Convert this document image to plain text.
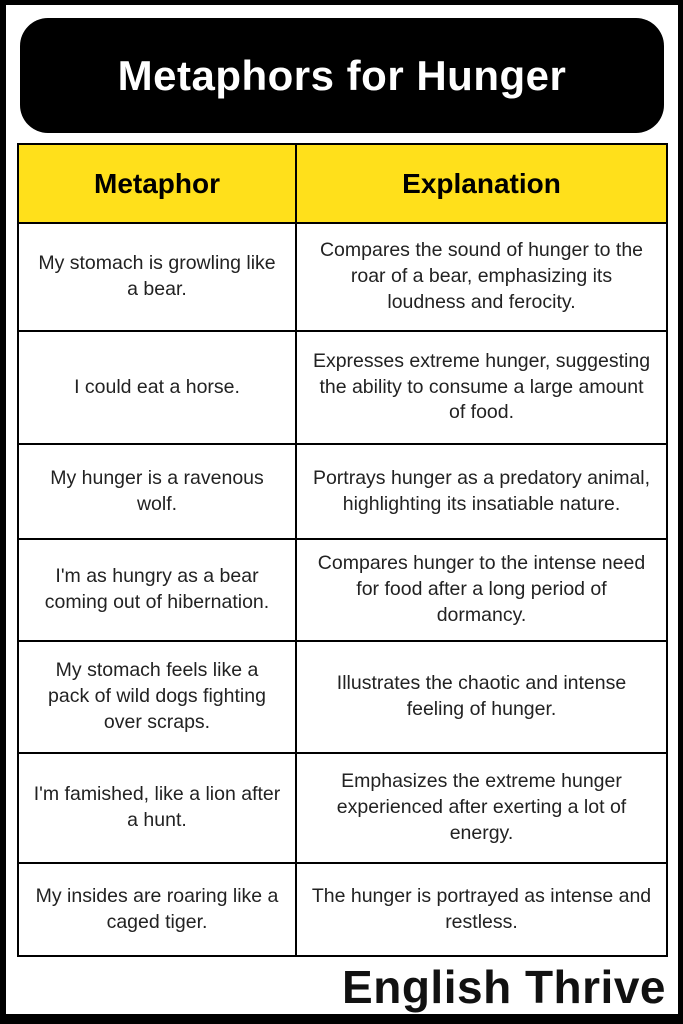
Metaphors for Hunger
Metaphor	Explanation
My stomach is growling like a bear.	Compares the sound of hunger to the roar of a bear, emphasizing its loudness and ferocity.
I could eat a horse.	Expresses extreme hunger, suggesting the ability to consume a large amount of food.
My hunger is a ravenous wolf.	Portrays hunger as a predatory animal, highlighting its insatiable nature.
I'm as hungry as a bear coming out of hibernation.	Compares hunger to the intense need for food after a long period of dormancy.
My stomach feels like a pack of wild dogs fighting over scraps.	Illustrates the chaotic and intense feeling of hunger.
I'm famished, like a lion after a hunt.	Emphasizes the extreme hunger experienced after exerting a lot of energy.
My insides are roaring like a caged tiger.	The hunger is portrayed as intense and restless.
English Thrive
